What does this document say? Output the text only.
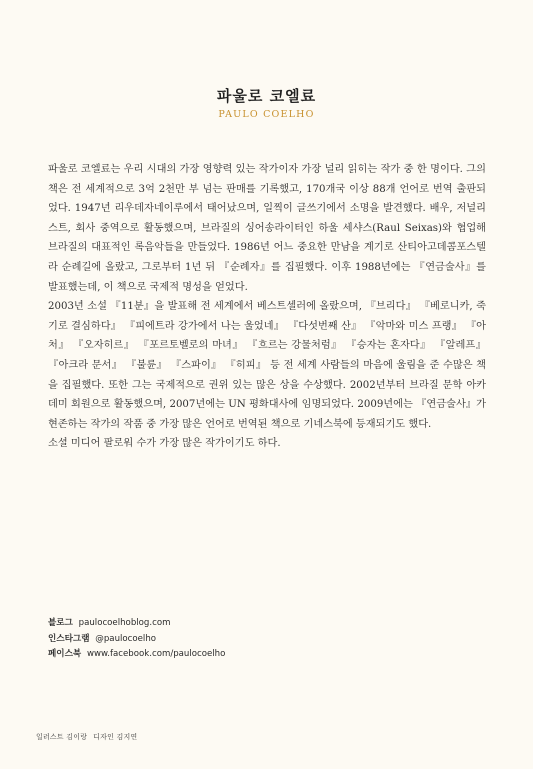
파울로 코엘료
PAULO COELHO

파울로 코엘료는 우리 시대의 가장 영향력 있는 작가이자 가장 널리 읽히는 작가 중 한 명이다. 그의 책은 전 세계적으로 3억 2천만 부 넘는 판매를 기록했고, 170개국 이상 88개 언어로 번역 출판되었다. 1947년 리우데자네이루에서 태어났으며, 일찍이 글쓰기에서 소명을 발견했다. 배우, 저널리스트, 회사 중역으로 활동했으며, 브라질의 싱어송라이터인 하울 세샤스(Raul Seixas)와 협업해 브라질의 대표적인 록음악들을 만들었다. 1986년 어느 중요한 만남을 계기로 산티아고데콤포스텔라 순례길에 올랐고, 그로부터 1년 뒤 『순례자』를 집필했다. 이후 1988년에는 『연금술사』를 발표했는데, 이 책으로 국제적 명성을 얻었다.

2003년 소설 『11분』을 발표해 전 세계에서 베스트셀러에 올랐으며, 『브리다』 『베로니카, 죽기로 결심하다』 『피에트라 강가에서 나는 울었네』 『다섯번째 산』 『악마와 미스 프랭』 『아처』 『오자히르』 『포르토벨로의 마녀』 『흐르는 강물처럼』 『승자는 혼자다』 『알레프』 『아크라 문서』 『불륜』 『스파이』 『히피』 등 전 세계 사람들의 마음에 울림을 준 수많은 책을 집필했다. 또한 그는 국제적으로 권위 있는 많은 상을 수상했다. 2002년부터 브라질 문학 아카데미 회원으로 활동했으며, 2007년에는 UN 평화대사에 임명되었다. 2009년에는 『연금술사』가 현존하는 작가의 작품 중 가장 많은 언어로 번역된 책으로 기네스북에 등재되기도 했다.

소셜 미디어 팔로워 수가 가장 많은 작가이기도 하다.

블로그 paulocoelhoblog.com
인스타그램 @paulocoelho
페이스북 www.facebook.com/paulocoelho
일러스트 김이랑 디자인 김지연
